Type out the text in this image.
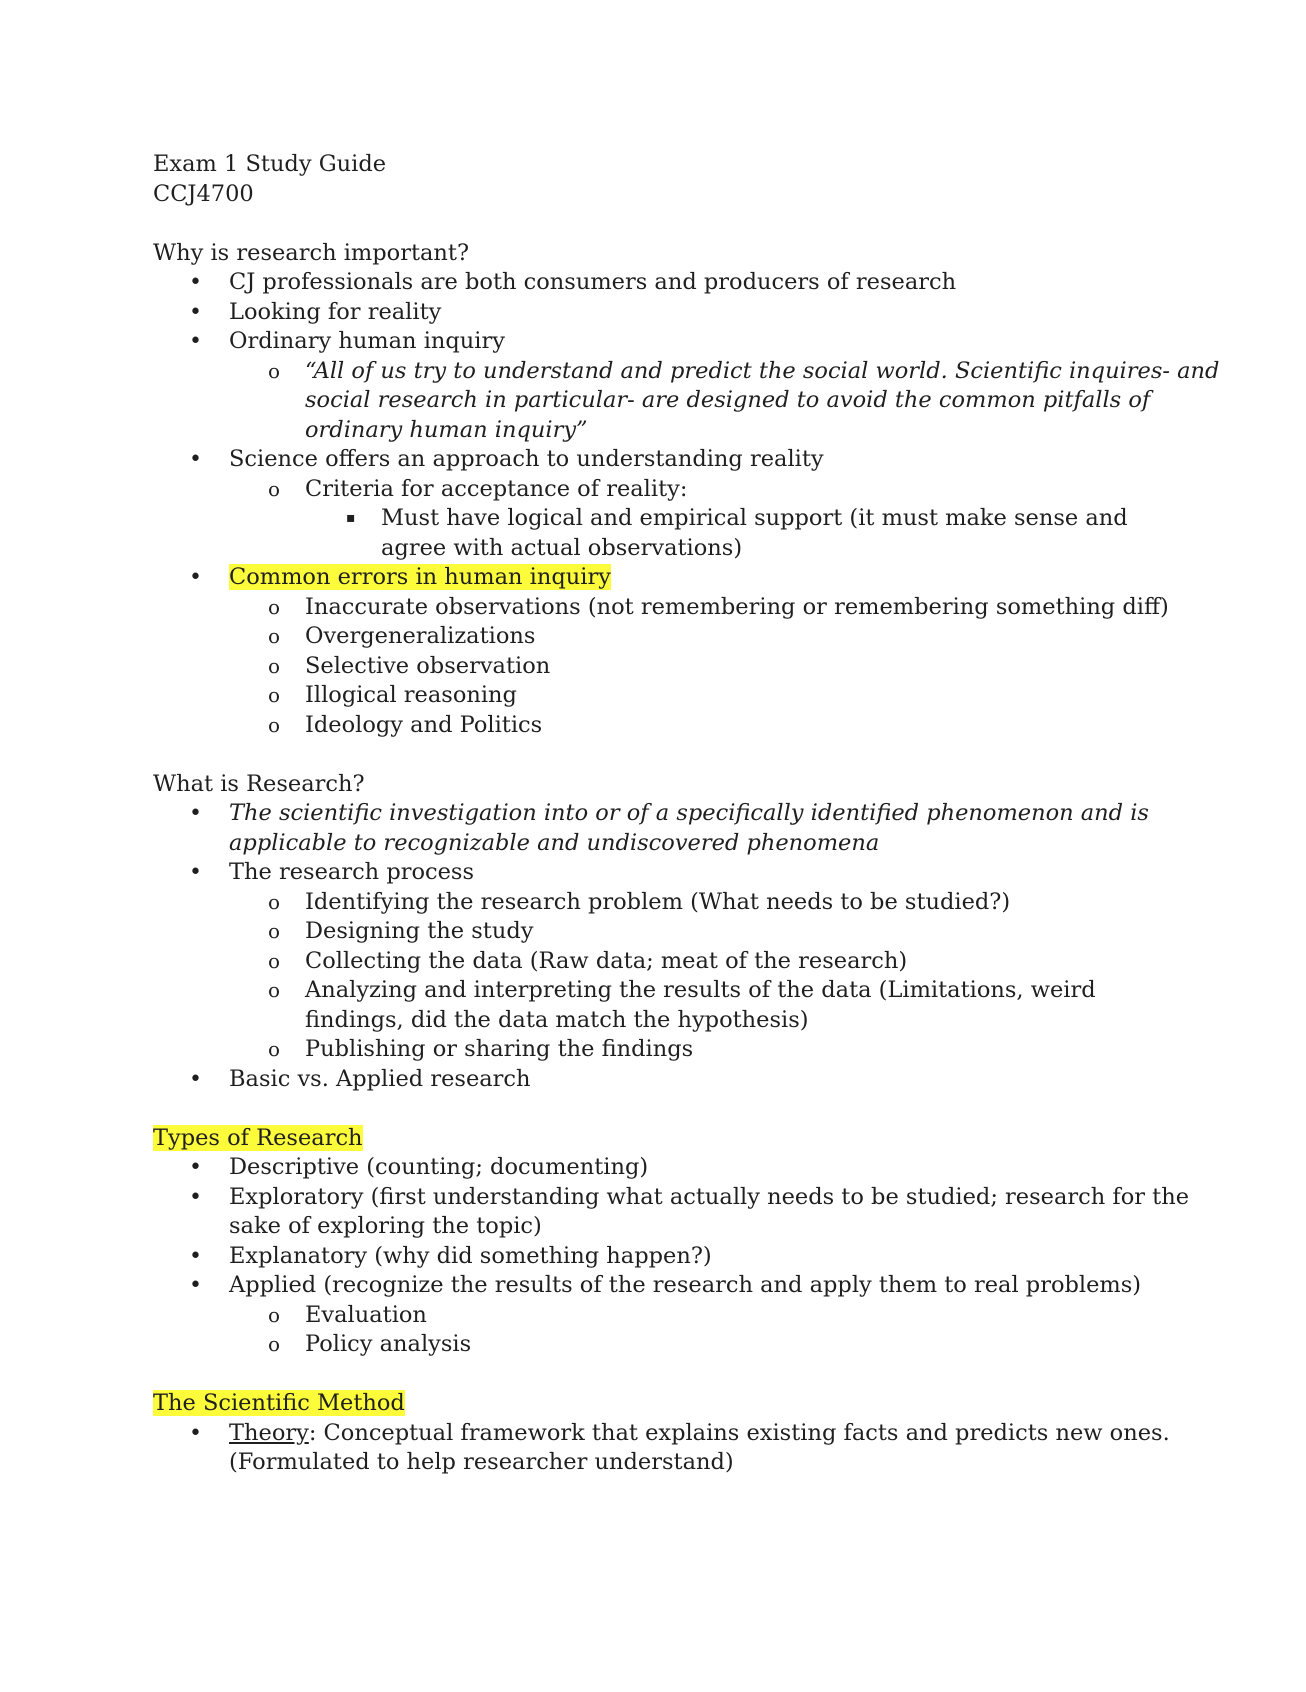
Exam 1 Study Guide
CCJ4700
Why is research important?
• CJ professionals are both consumers and producers of research
• Looking for reality
• Ordinary human inquiry
o “All of us try to understand and predict the social world. Scientific inquires- and
social research in particular- are designed to avoid the common pitfalls of
ordinary human inquiry”
• Science offers an approach to understanding reality
o Criteria for acceptance of reality:
▪ Must have logical and empirical support (it must make sense and
agree with actual observations)
• Common errors in human inquiry
o Inaccurate observations (not remembering or remembering something diff)
o Overgeneralizations
o Selective observation
o Illogical reasoning
o Ideology and Politics
What is Research?
• The scientific investigation into or of a specifically identified phenomenon and is
applicable to recognizable and undiscovered phenomena
• The research process
o Identifying the research problem (What needs to be studied?)
o Designing the study
o Collecting the data (Raw data; meat of the research)
o Analyzing and interpreting the results of the data (Limitations, weird
findings, did the data match the hypothesis)
o Publishing or sharing the findings
• Basic vs. Applied research
Types of Research
• Descriptive (counting; documenting)
• Exploratory (first understanding what actually needs to be studied; research for the
sake of exploring the topic)
• Explanatory (why did something happen?)
• Applied (recognize the results of the research and apply them to real problems)
o Evaluation
o Policy analysis
The Scientific Method
• Theory: Conceptual framework that explains existing facts and predicts new ones.
(Formulated to help researcher understand)
